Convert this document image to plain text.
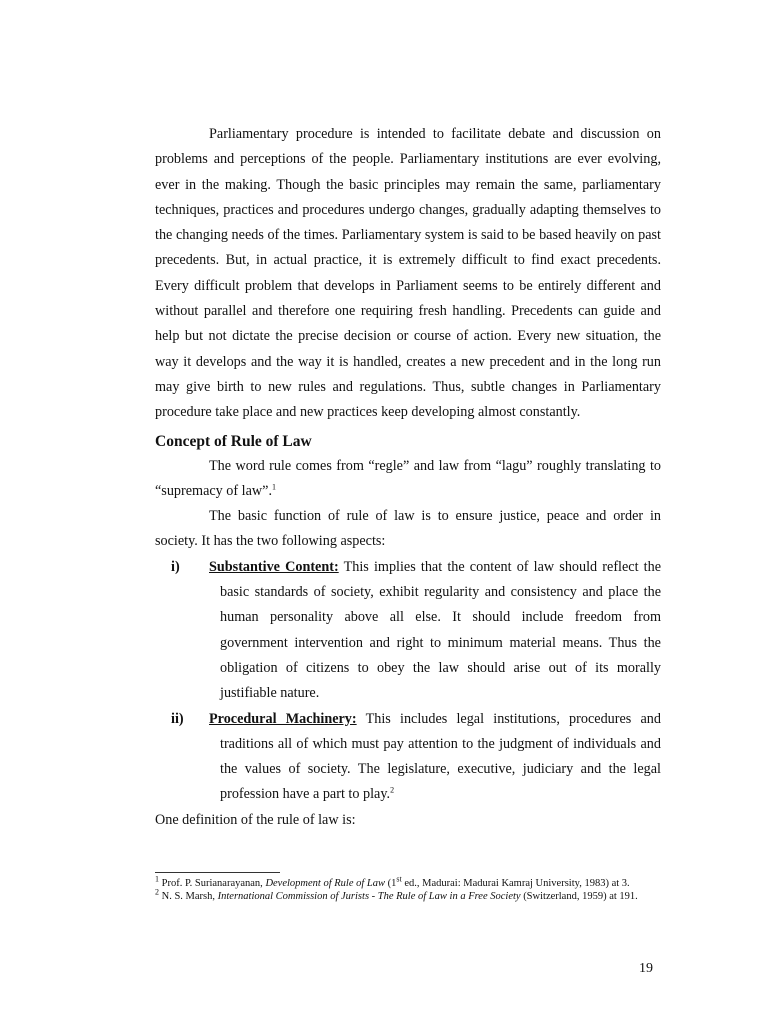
Parliamentary procedure is intended to facilitate debate and discussion on problems and perceptions of the people. Parliamentary institutions are ever evolving, ever in the making. Though the basic principles may remain the same, parliamentary techniques, practices and procedures undergo changes, gradually adapting themselves to the changing needs of the times. Parliamentary system is said to be based heavily on past precedents. But, in actual practice, it is extremely difficult to find exact precedents. Every difficult problem that develops in Parliament seems to be entirely different and without parallel and therefore one requiring fresh handling. Precedents can guide and help but not dictate the precise decision or course of action. Every new situation, the way it develops and the way it is handled, creates a new precedent and in the long run may give birth to new rules and regulations. Thus, subtle changes in Parliamentary procedure take place and new practices keep developing almost constantly.

Concept of Rule of Law

The word rule comes from “regle” and law from “lagu” roughly translating to “supremacy of law”.$^1$

The basic function of rule of law is to ensure justice, peace and order in society. It has the two following aspects:

i) Substantive Content: This implies that the content of law should reflect the basic standards of society, exhibit regularity and consistency and place the human personality above all else. It should include freedom from government intervention and right to minimum material means. Thus the obligation of citizens to obey the law should arise out of its morally justifiable nature.

ii) Procedural Machinery: This includes legal institutions, procedures and traditions all of which must pay attention to the judgment of individuals and the values of society. The legislature, executive, judiciary and the legal profession have a part to play.$^2$

One definition of the rule of law is:

$^1$ Prof. P. Surianarayanan, Development of Rule of Law (1st ed., Madurai: Madurai Kamraj University, 1983) at 3.

$^2$ N. S. Marsh, International Commission of Jurists - The Rule of Law in a Free Society (Switzerland, 1959) at 191.

19
